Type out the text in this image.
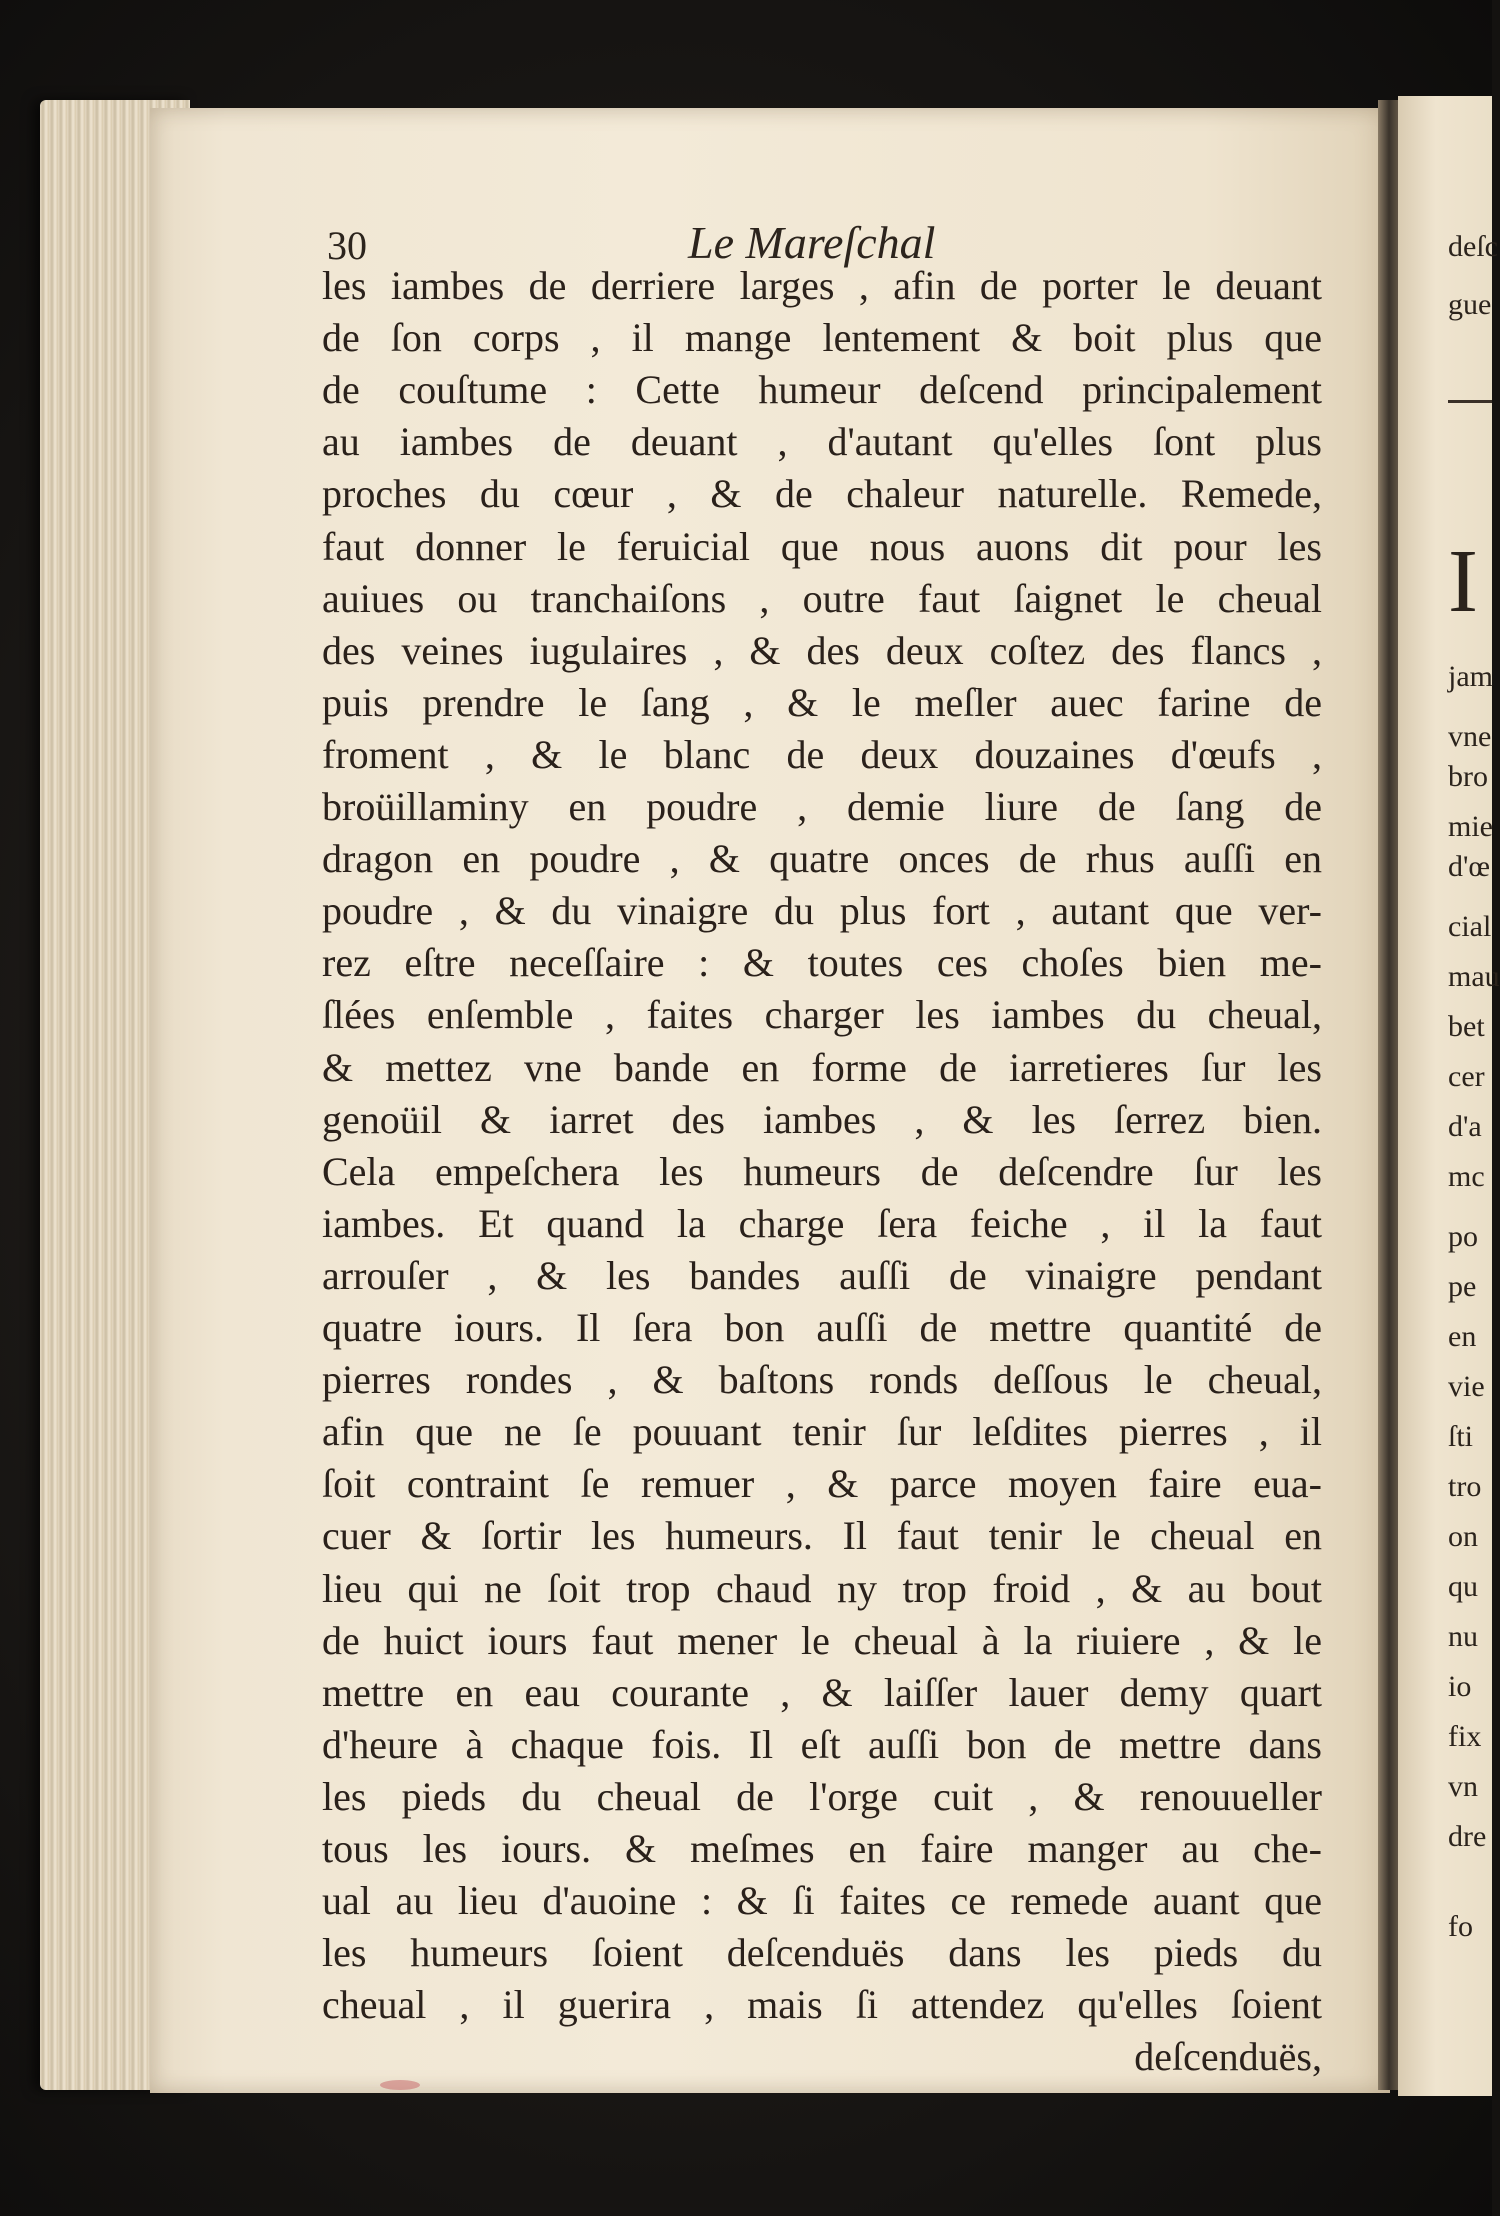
30	Le Mareſchal
les iambes de derriere larges , afin de porter le deuant
de ſon corps , il mange lentement & boit plus que
de couſtume : Cette humeur deſcend principalement
au iambes de deuant , d'autant qu'elles ſont plus
proches du cœur , & de chaleur naturelle. Remede,
faut donner le feruicial que nous auons dit pour les
auiues ou tranchaiſons , outre faut ſaignet le cheual
des veines iugulaires , & des deux coſtez des flancs ,
puis prendre le ſang , & le meſler auec farine de
froment , & le blanc de deux douzaines d'œufs ,
broüillaminy en poudre , demie liure de ſang de
dragon en poudre , & quatre onces de rhus auſſi en
poudre , & du vinaigre du plus fort , autant que ver-
rez eſtre neceſſaire : & toutes ces choſes bien me-
ſlées enſemble , faites charger les iambes du cheual,
& mettez vne bande en forme de iarretieres ſur les
genoüil & iarret des iambes , & les ſerrez bien.
Cela empeſchera les humeurs de deſcendre ſur les
iambes. Et quand la charge ſera feiche , il la faut
arrouſer , & les bandes auſſi de vinaigre pendant
quatre iours. Il ſera bon auſſi de mettre quantité de
pierres rondes , & baſtons ronds deſſous le cheual,
afin que ne ſe pouuant tenir ſur leſdites pierres , il
ſoit contraint ſe remuer , & parce moyen faire eua-
cuer & ſortir les humeurs. Il faut tenir le cheual en
lieu qui ne ſoit trop chaud ny trop froid , & au bout
de huict iours faut mener le cheual à la riuiere , & le
mettre en eau courante , & laiſſer lauer demy quart
d'heure à chaque fois. Il eſt auſſi bon de mettre dans
les pieds du cheual de l'orge cuit , & renouueller
tous les iours. & meſmes en faire manger au che-
ual au lieu d'auoine : & ſi faites ce remede auant que
les humeurs ſoient deſcenduës dans les pieds du
cheual , il guerira , mais ſi attendez qu'elles ſoient
deſcenduës,
deſc
gue
I
jam
vne
bro
mie
d'œ
cial
mau
bet
cer
d'a
mc
po
pe
en
vie
ſti
tro
on
qu
nu
io
fix
vn
dre
fo
